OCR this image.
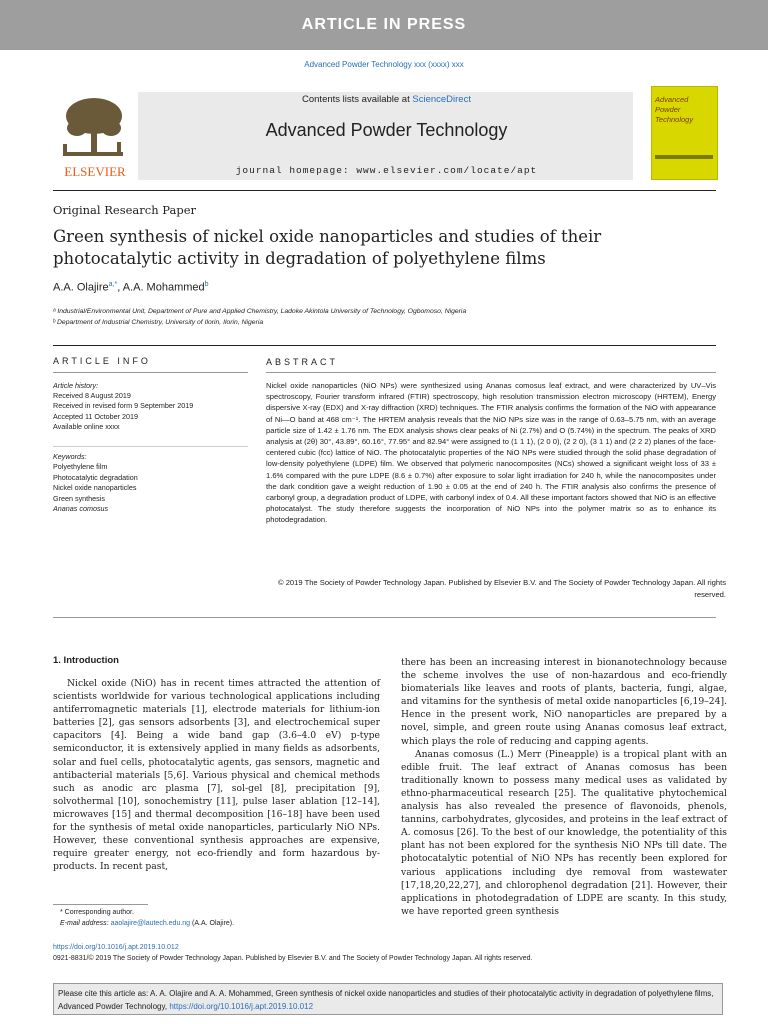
ARTICLE IN PRESS
Advanced Powder Technology xxx (xxxx) xxx
ELSEVIER
Contents lists available at ScienceDirect
Advanced Powder Technology
journal homepage: www.elsevier.com/locate/apt
Advanced Powder Technology
Original Research Paper
Green synthesis of nickel oxide nanoparticles and studies of their photocatalytic activity in degradation of polyethylene films
A.A. Olajire$^{a,*}$, A.A. Mohammed$^b$
ᵃ Industrial/Environmental Unit, Department of Pure and Applied Chemistry, Ladoke Akintola University of Technology, Ogbomoso, Nigeria
ᵇ Department of Industrial Chemistry, University of Ilorin, Ilorin, Nigeria
ARTICLE INFO	ABSTRACT
Article history:
Received 8 August 2019
Received in revised form 9 September 2019
Accepted 11 October 2019
Available online xxxx
Keywords:
Polyethylene film
Photocatalytic degradation
Nickel oxide nanoparticles
Green synthesis
Ananas comosus
Nickel oxide nanoparticles (NiO NPs) were synthesized using Ananas comosus leaf extract, and were characterized by UV–Vis spectroscopy, Fourier transform infrared (FTIR) spectroscopy, high resolution transmission electron microscopy (HRTEM), Energy dispersive X-ray (EDX) and X-ray diffraction (XRD) techniques. The FTIR analysis confirms the formation of the NiO with appearance of Ni—O band at 468 cm⁻¹. The HRTEM analysis reveals that the NiO NPs size was in the range of 0.63–5.75 nm, with an average particle size of 1.42 ± 1.76 nm. The EDX analysis shows clear peaks of Ni (2.7%) and O (5.74%) in the spectrum. The peaks of XRD analysis at (2θ) 30°, 43.89°, 60.16°, 77.95° and 82.94° were assigned to (1 1 1), (2 0 0), (2 2 0), (3 1 1) and (2 2 2) planes of the face-centered cubic (fcc) lattice of NiO. The photocatalytic properties of the NiO NPs were studied through the solid phase degradation of low-density polyethylene (LDPE) film. We observed that polymeric nanocomposites (NCs) showed a significant weight loss of 33 ± 1.6% compared with the pure LDPE (8.6 ± 0.7%) after exposure to solar light irradiation for 240 h, while the nanocomposites under the dark condition gave a weight reduction of 1.90 ± 0.05 at the end of 240 h. The FTIR analysis also confirms the presence of carbonyl group, a degradation product of LDPE, with carbonyl index of 0.4. All these important factors showed that NiO is an effective photocatalyst. The study therefore suggests the incorporation of NiO NPs into the polymer matrix so as to enhance its photodegradation.
© 2019 The Society of Powder Technology Japan. Published by Elsevier B.V. and The Society of Powder Technology Japan. All rights reserved.
1. Introduction
Nickel oxide (NiO) has in recent times attracted the attention of scientists worldwide for various technological applications including antiferromagnetic materials [1], electrode materials for lithium-ion batteries [2], gas sensors adsorbents [3], and electrochemical super capacitors [4]. Being a wide band gap (3.6–4.0 eV) p-type semiconductor, it is extensively applied in many fields as adsorbents, solar and fuel cells, photocatalytic agents, gas sensors, magnetic and antibacterial materials [5,6]. Various physical and chemical methods such as anodic arc plasma [7], sol-gel [8], precipitation [9], solvothermal [10], sonochemistry [11], pulse laser ablation [12–14], microwaves [15] and thermal decomposition [16–18] have been used for the synthesis of metal oxide nanoparticles, particularly NiO NPs. However, these conventional synthesis approaches are expensive, require greater energy, not eco-friendly and form hazardous by-products. In recent past,
there has been an increasing interest in bionanotechnology because the scheme involves the use of non-hazardous and eco-friendly biomaterials like leaves and roots of plants, bacteria, fungi, algae, and vitamins for the synthesis of metal oxide nanoparticles [6,19–24]. Hence in the present work, NiO nanoparticles are prepared by a novel, simple, and green route using Ananas comosus leaf extract, which plays the role of reducing and capping agents.
Ananas comosus (L.) Merr (Pineapple) is a tropical plant with an edible fruit. The leaf extract of Ananas comosus has been traditionally known to possess many medical uses as validated by ethno-pharmaceutical research [25]. The qualitative phytochemical analysis has also revealed the presence of flavonoids, phenols, tannins, carbohydrates, glycosides, and proteins in the leaf extract of A. comosus [26]. To the best of our knowledge, the potentiality of this plant has not been explored for the synthesis NiO NPs till date. The photocatalytic potential of NiO NPs has recently been explored for various applications including dye removal from wastewater [17,18,20,22,27], and chlorophenol degradation [21]. However, their applications in photodegradation of LDPE are scanty. In this study, we have reported green synthesis
* Corresponding author.
E-mail address: aaolajire@lautech.edu.ng (A.A. Olajire).
https://doi.org/10.1016/j.apt.2019.10.012
0921-8831/© 2019 The Society of Powder Technology Japan. Published by Elsevier B.V. and The Society of Powder Technology Japan. All rights reserved.
Please cite this article as: A. A. Olajire and A. A. Mohammed, Green synthesis of nickel oxide nanoparticles and studies of their photocatalytic activity in degradation of polyethylene films, Advanced Powder Technology, https://doi.org/10.1016/j.apt.2019.10.012
